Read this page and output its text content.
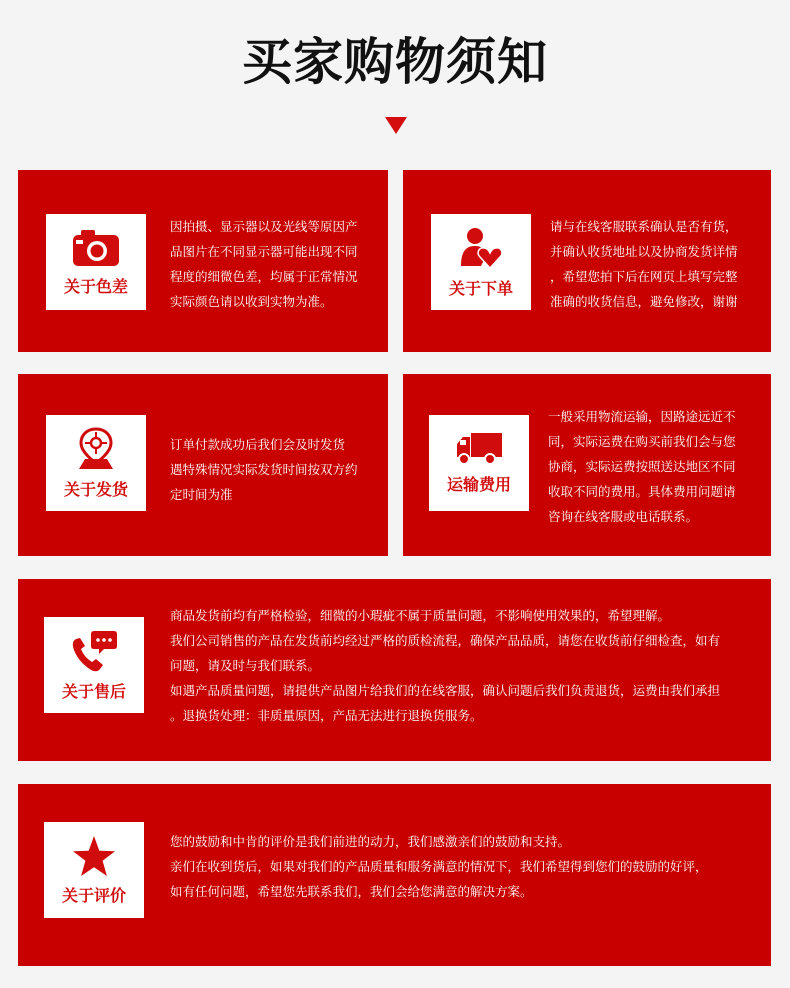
买家购物须知
关于色差

因拍摄、显示器以及光线等原因产

品图片在不同显示器可能出现不同

程度的细微色差，均属于正常情况

实际颜色请以收到实物为准。

关于下单

请与在线客服联系确认是否有货，

并确认收货地址以及协商发货详情

，希望您拍下后在网页上填写完整

准确的收货信息，避免修改，谢谢

关于发货

订单付款成功后我们会及时发货

遇特殊情况实际发货时间按双方约

定时间为准

运输费用

一般采用物流运输，因路途远近不

同，实际运费在购买前我们会与您

协商，实际运费按照送达地区不同

收取不同的费用。具体费用问题请

咨询在线客服或电话联系。

关于售后

商品发货前均有严格检验，细微的小瑕疵不属于质量问题，不影响使用效果的，希望理解。

我们公司销售的产品在发货前均经过严格的质检流程，确保产品品质，请您在收货前仔细检查，如有

问题，请及时与我们联系。

如遇产品质量问题，请提供产品图片给我们的在线客服，确认问题后我们负责退货，运费由我们承担

。退换货处理：非质量原因，产品无法进行退换货服务。

关于评价

您的鼓励和中肯的评价是我们前进的动力，我们感激亲们的鼓励和支持。

亲们在收到货后，如果对我们的产品质量和服务满意的情况下，我们希望得到您们的鼓励的好评，

如有任何问题，希望您先联系我们，我们会给您满意的解决方案。
